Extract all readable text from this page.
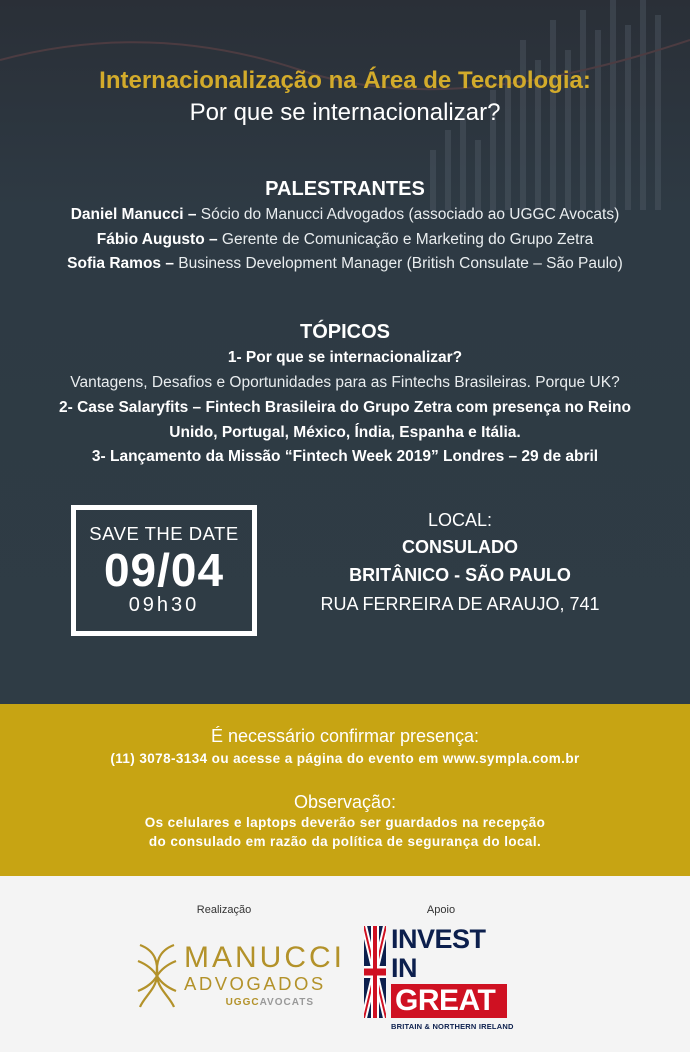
Internacionalização na Área de Tecnologia:
Por que se internacionalizar?
PALESTRANTES
Daniel Manucci – Sócio do Manucci Advogados (associado ao UGGC Avocats)
Fábio Augusto – Gerente de Comunicação e Marketing do Grupo Zetra
Sofia Ramos – Business Development Manager (British Consulate – São Paulo)
TÓPICOS
1- Por que se internacionalizar?
Vantagens, Desafios e Oportunidades para as Fintechs Brasileiras. Porque UK?
2- Case Salaryfits – Fintech Brasileira do Grupo Zetra com presença no Reino
Unido, Portugal, México, Índia, Espanha e Itália.
3- Lançamento da Missão “Fintech Week 2019” Londres – 29 de abril
SAVE THE DATE
09/04
09h30
LOCAL:
CONSULADO
BRITÂNICO - SÃO PAULO
RUA FERREIRA DE ARAUJO, 741
É necessário confirmar presença:
(11) 3078-3134 ou acesse a página do evento em www.sympla.com.br
Observação:
Os celulares e laptops deverão ser guardados na recepção
do consulado em razão da política de segurança do local.
Realização	Apoio
MANUCCI
ADVOGADOS
UGGCAVOCATS
INVEST
IN
GREAT
BRITAIN & NORTHERN IRELAND
